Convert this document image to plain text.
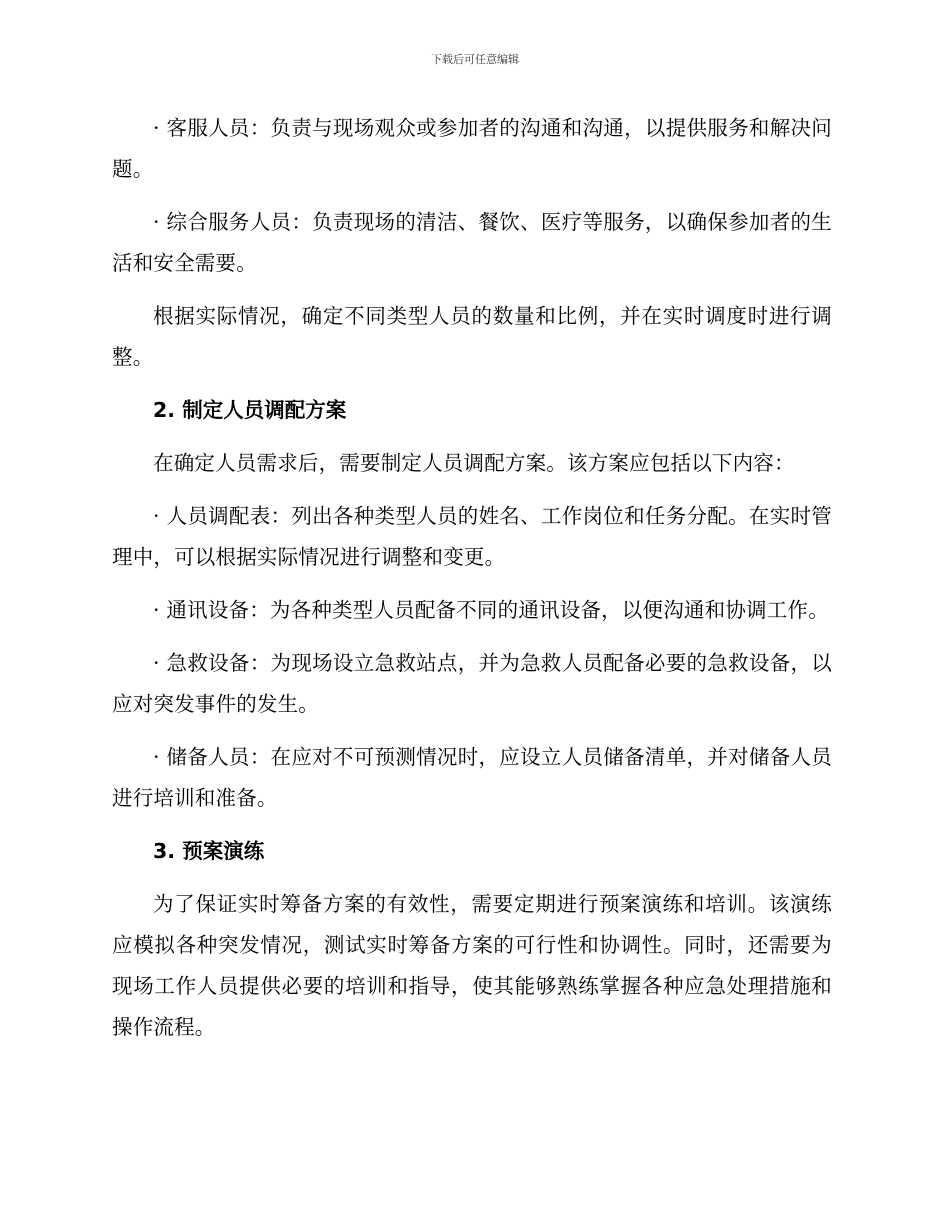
下载后可任意编辑

· 客服人员：负责与现场观众或参加者的沟通和沟通，以提供服务和解决问题。

· 综合服务人员：负责现场的清洁、餐饮、医疗等服务，以确保参加者的生活和安全需要。

根据实际情况，确定不同类型人员的数量和比例，并在实时调度时进行调整。

2. 制定人员调配方案

在确定人员需求后，需要制定人员调配方案。该方案应包括以下内容：

· 人员调配表：列出各种类型人员的姓名、工作岗位和任务分配。在实时管理中，可以根据实际情况进行调整和变更。

· 通讯设备：为各种类型人员配备不同的通讯设备，以便沟通和协调工作。

· 急救设备：为现场设立急救站点，并为急救人员配备必要的急救设备，以应对突发事件的发生。

· 储备人员：在应对不可预测情况时，应设立人员储备清单，并对储备人员进行培训和准备。

3. 预案演练

为了保证实时筹备方案的有效性，需要定期进行预案演练和培训。该演练应模拟各种突发情况，测试实时筹备方案的可行性和协调性。同时，还需要为现场工作人员提供必要的培训和指导，使其能够熟练掌握各种应急处理措施和操作流程。
